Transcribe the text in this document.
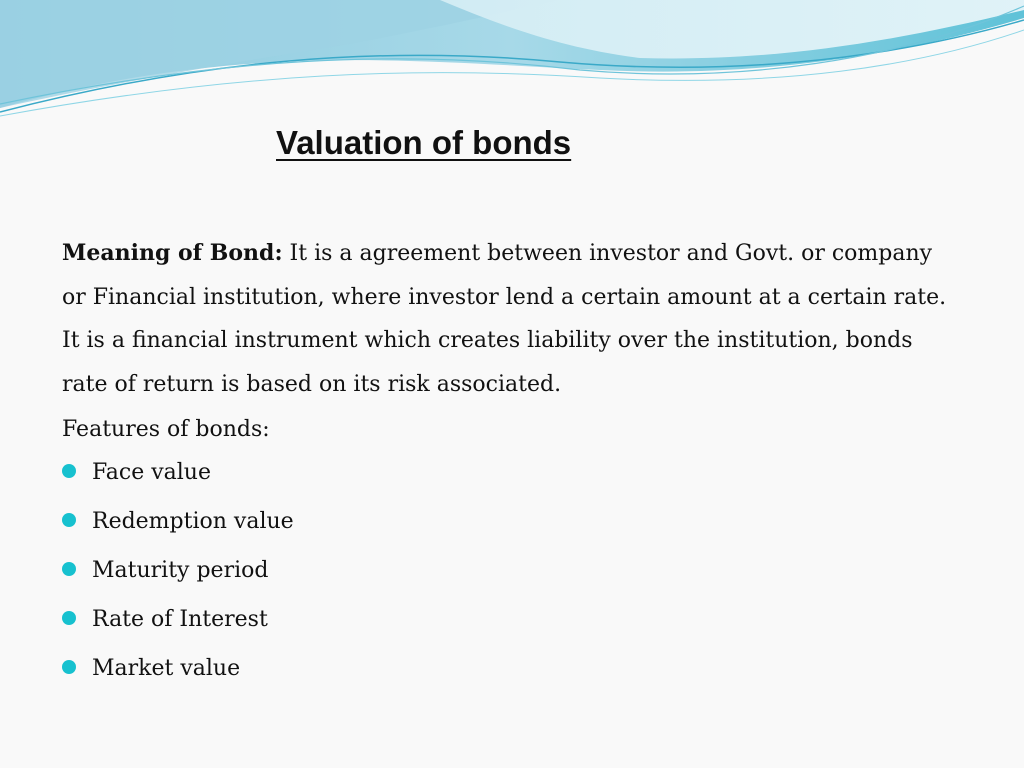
Valuation of bonds

Meaning of Bond: It is a agreement between investor and Govt. or company or Financial institution, where investor lend a certain amount at a certain rate. It is a financial instrument which creates liability over the institution, bonds rate of return is based on its risk associated.

Features of bonds:

Face value
Redemption value
Maturity period
Rate of Interest
Market value
